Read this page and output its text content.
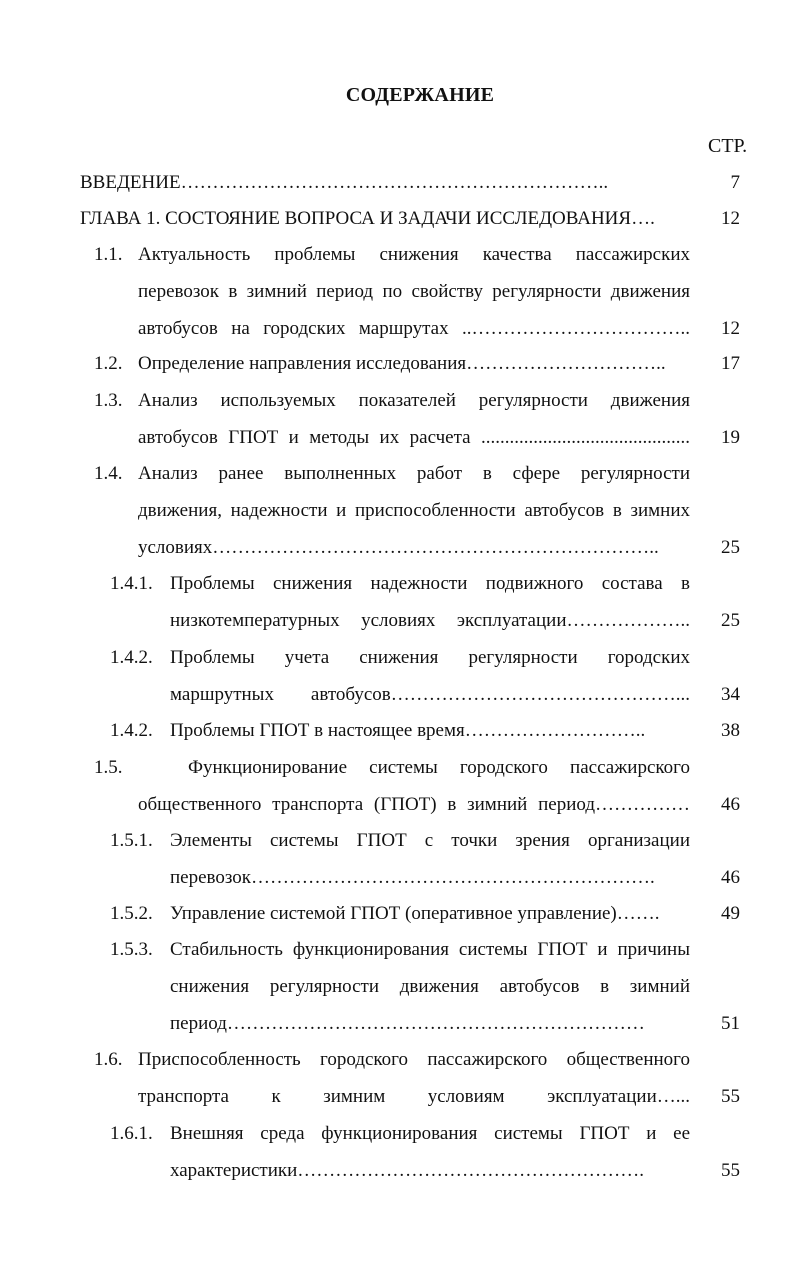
СОДЕРЖАНИЕ
СТР.
ВВЕДЕНИЕ…………………………………………………………..	7
ГЛАВА 1. СОСТОЯНИЕ ВОПРОСА И ЗАДАЧИ ИССЛЕДОВАНИЯ….	12
1.1. Актуальность проблемы снижения качества пассажирских
перевозок в зимний период по свойству регулярности движения
автобусов на городских маршрутах ..……………………………..	12
1.2. Определение направления исследования…………………………..	17
1.3. Анализ используемых показателей регулярности движения
автобусов ГПОТ и методы их расчета ............................................	19
1.4. Анализ ранее выполненных работ в сфере регулярности
движения, надежности и приспособленности автобусов в зимних
условиях……………………………………………………………..	25
1.4.1. Проблемы снижения надежности подвижного состава в
низкотемпературных условиях эксплуатации………………..	25
1.4.2. Проблемы учета снижения регулярности городских
маршрутных автобусов………………………………………...	34
1.4.2. Проблемы ГПОТ в настоящее время………………………..	38
1.5.	Функционирование системы городского пассажирского
общественного транспорта (ГПОТ) в зимний период……………	46
1.5.1. Элементы системы ГПОТ с точки зрения организации
перевозок……………………………………………………….	46
1.5.2. Управление системой ГПОТ (оперативное управление)…….	49
1.5.3. Стабильность функционирования системы ГПОТ и причины
снижения регулярности движения автобусов в зимний
период…………………………………………………………	51
1.6. Приспособленность городского пассажирского общественного
транспорта к зимним условиям эксплуатации…...	55
1.6.1. Внешняя среда функционирования системы ГПОТ и ее
характеристики……………………………………………….	55
